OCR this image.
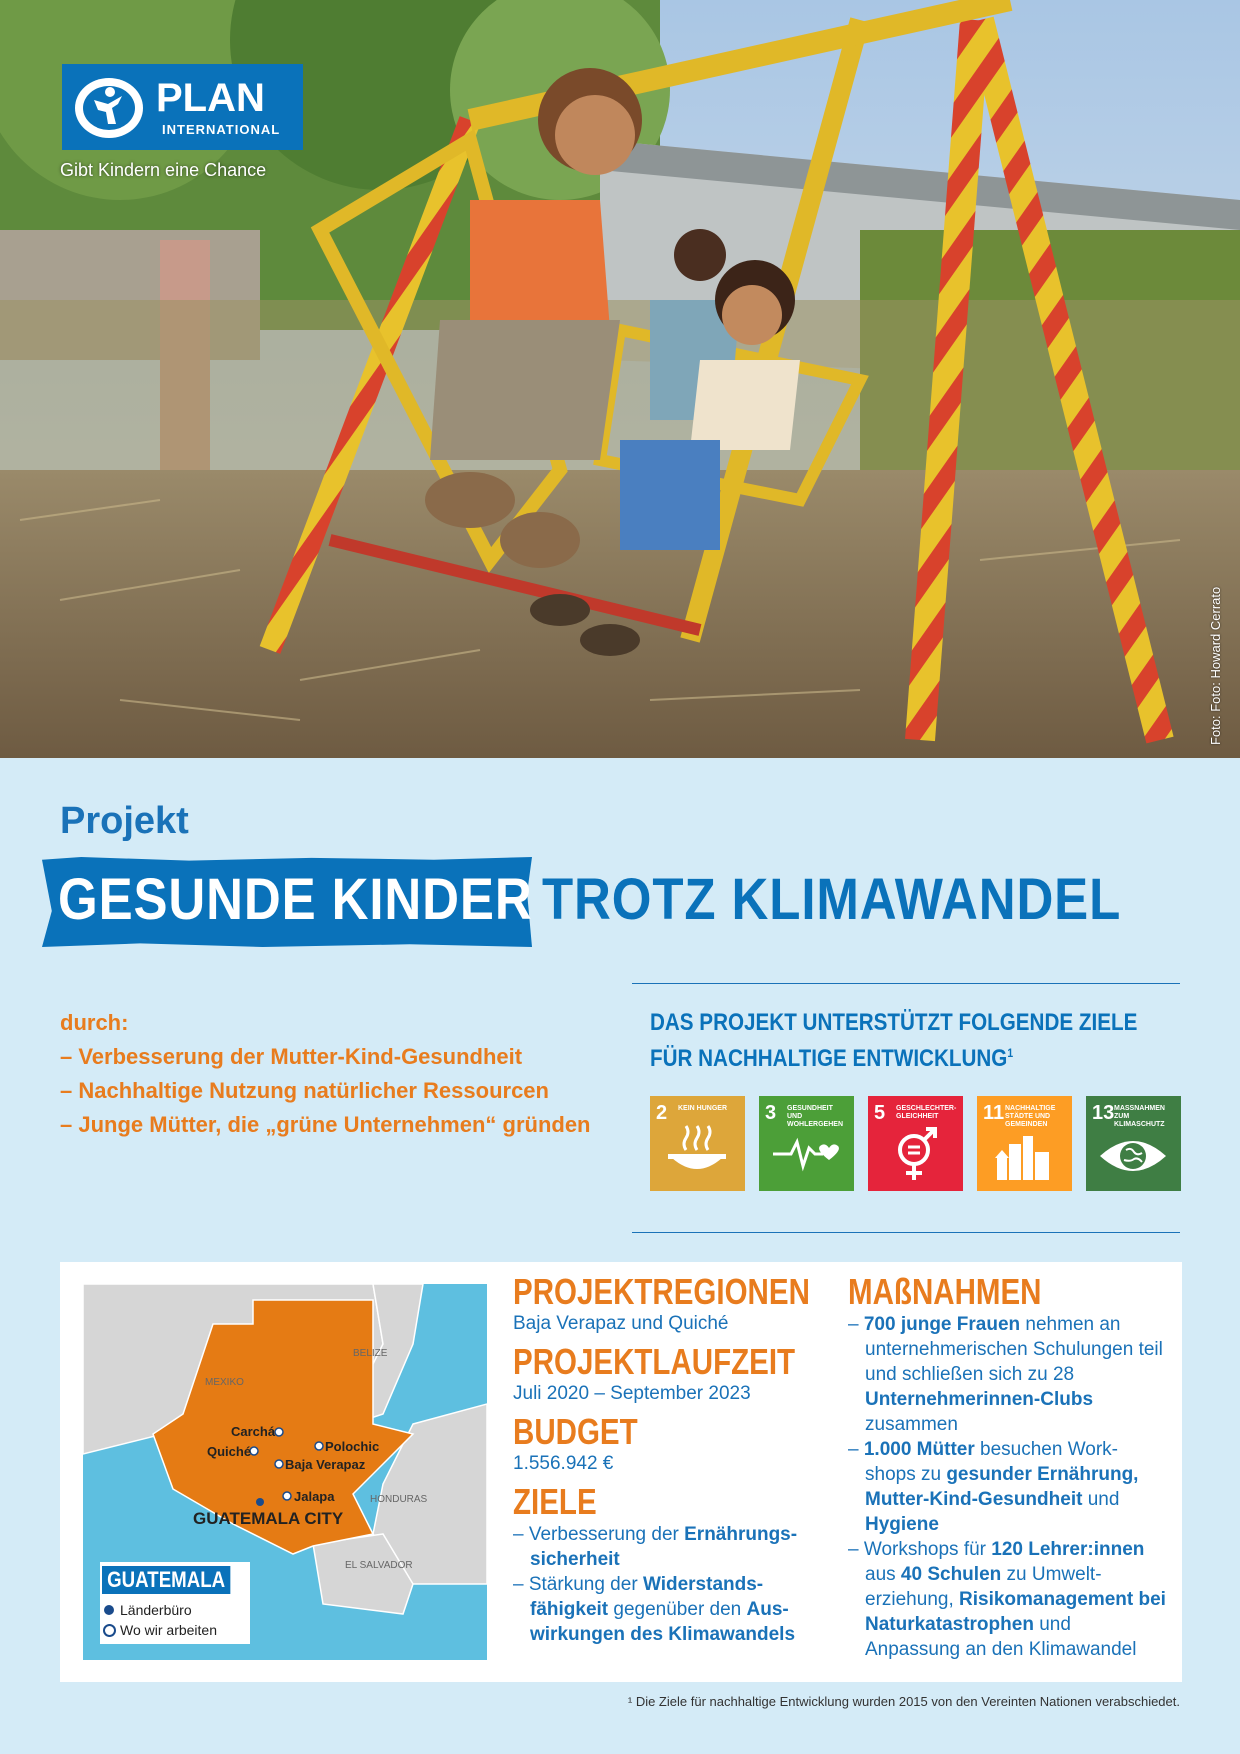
PLAN
INTERNATIONAL
Gibt Kindern eine Chance
Foto: Foto: Howard Cerrato
Projekt
GESUNDE KINDER TROTZ KLIMAWANDEL
durch:
– Verbesserung der Mutter-Kind-Gesundheit
– Nachhaltige Nutzung natürlicher Ressourcen
– Junge Mütter, die „grüne Unternehmen“ gründen
DAS PROJEKT UNTERSTÜTZT FOLGENDE ZIELE
FÜR NACHHALTIGE ENTWICKLUNG$^1$
2 KEIN HUNGER	3 GESUNDHEIT UND WOHLERGEHEN
5 GESCHLECHTER-GLEICHHEIT	11 NACHHALTIGE STÄDTE UND GEMEINDEN
13 MASSNAHMEN ZUM KLIMASCHUTZ
MEXIKO
BELIZE
HONDURAS
EL SALVADOR
Carchá
Quiché	Polochic
Baja Verapaz
Jalapa
GUATEMALA CITY
GUATEMALA
Länderbüro
Wo wir arbeiten
PROJEKTREGIONEN

Baja Verapaz und Quiché

PROJEKTLAUFZEIT

Juli 2020 – September 2023

BUDGET

1.556.942 €

ZIELE
– Verbesserung der Ernährungs-sicherheit
– Stärkung der Widerstands-fähigkeit gegenüber den Aus-wirkungen des Klimawandels
MAßNAHMEN
– 700 junge Frauen nehmen an unternehmerischen Schulungen teil und schließen sich zu 28 Unternehmerinnen-Clubs zusammen
– 1.000 Mütter besuchen Work-shops zu gesunder Ernährung, Mutter-Kind-Gesundheit und Hygiene
– Workshops für 120 Lehrer:innen aus 40 Schulen zu Umwelt-erziehung, Risikomanagement bei Naturkatastrophen und Anpassung an den Klimawandel
¹ Die Ziele für nachhaltige Entwicklung wurden 2015 von den Vereinten Nationen verabschiedet.
